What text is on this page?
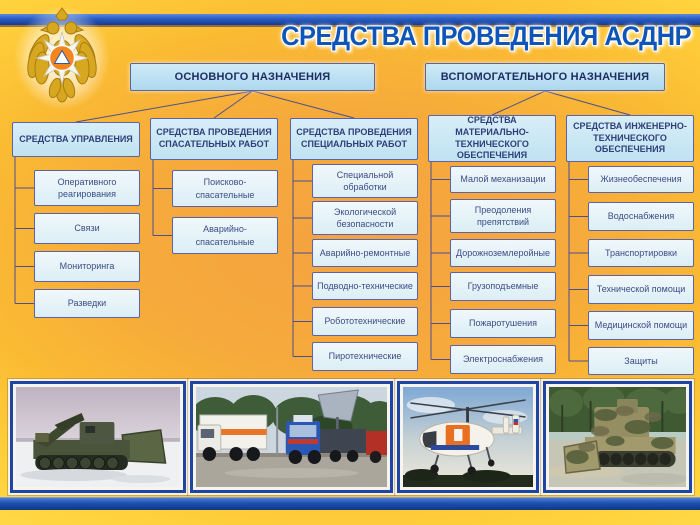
СРЕДСТВА ПРОВЕДЕНИЯ АСДНР
ОСНОВНОГО НАЗНАЧЕНИЯ	ВСПОМОГАТЕЛЬНОГО НАЗНАЧЕНИЯ
СРЕДСТВА УПРАВЛЕНИЯ
Оперативного реагирования
Связи
Мониторинга
Разведки
СРЕДСТВА ПРОВЕДЕНИЯ СПАСАТЕЛЬНЫХ РАБОТ
Поисково-спасательные
Аварийно-спасательные
СРЕДСТВА ПРОВЕДЕНИЯ СПЕЦИАЛЬНЫХ РАБОТ
Специальной обработки
Экологической безопасности
Аварийно-ремонтные
Подводно-технические
Робототехнические
Пиротехнические
СРЕДСТВА МАТЕРИАЛЬНО-ТЕХНИЧЕСКОГО ОБЕСПЕЧЕНИЯ
Малой механизации
Преодоления препятствий
Дорожноземлеройные
Грузоподъемные
Пожаротушения
Электроснабжения
СРЕДСТВА ИНЖЕНЕРНО-ТЕХНИЧЕСКОГО ОБЕСПЕЧЕНИЯ
Жизнеобеспечения
Водоснабжения
Транспортировки
Технической помощи
Медицинской помощи
Защиты
